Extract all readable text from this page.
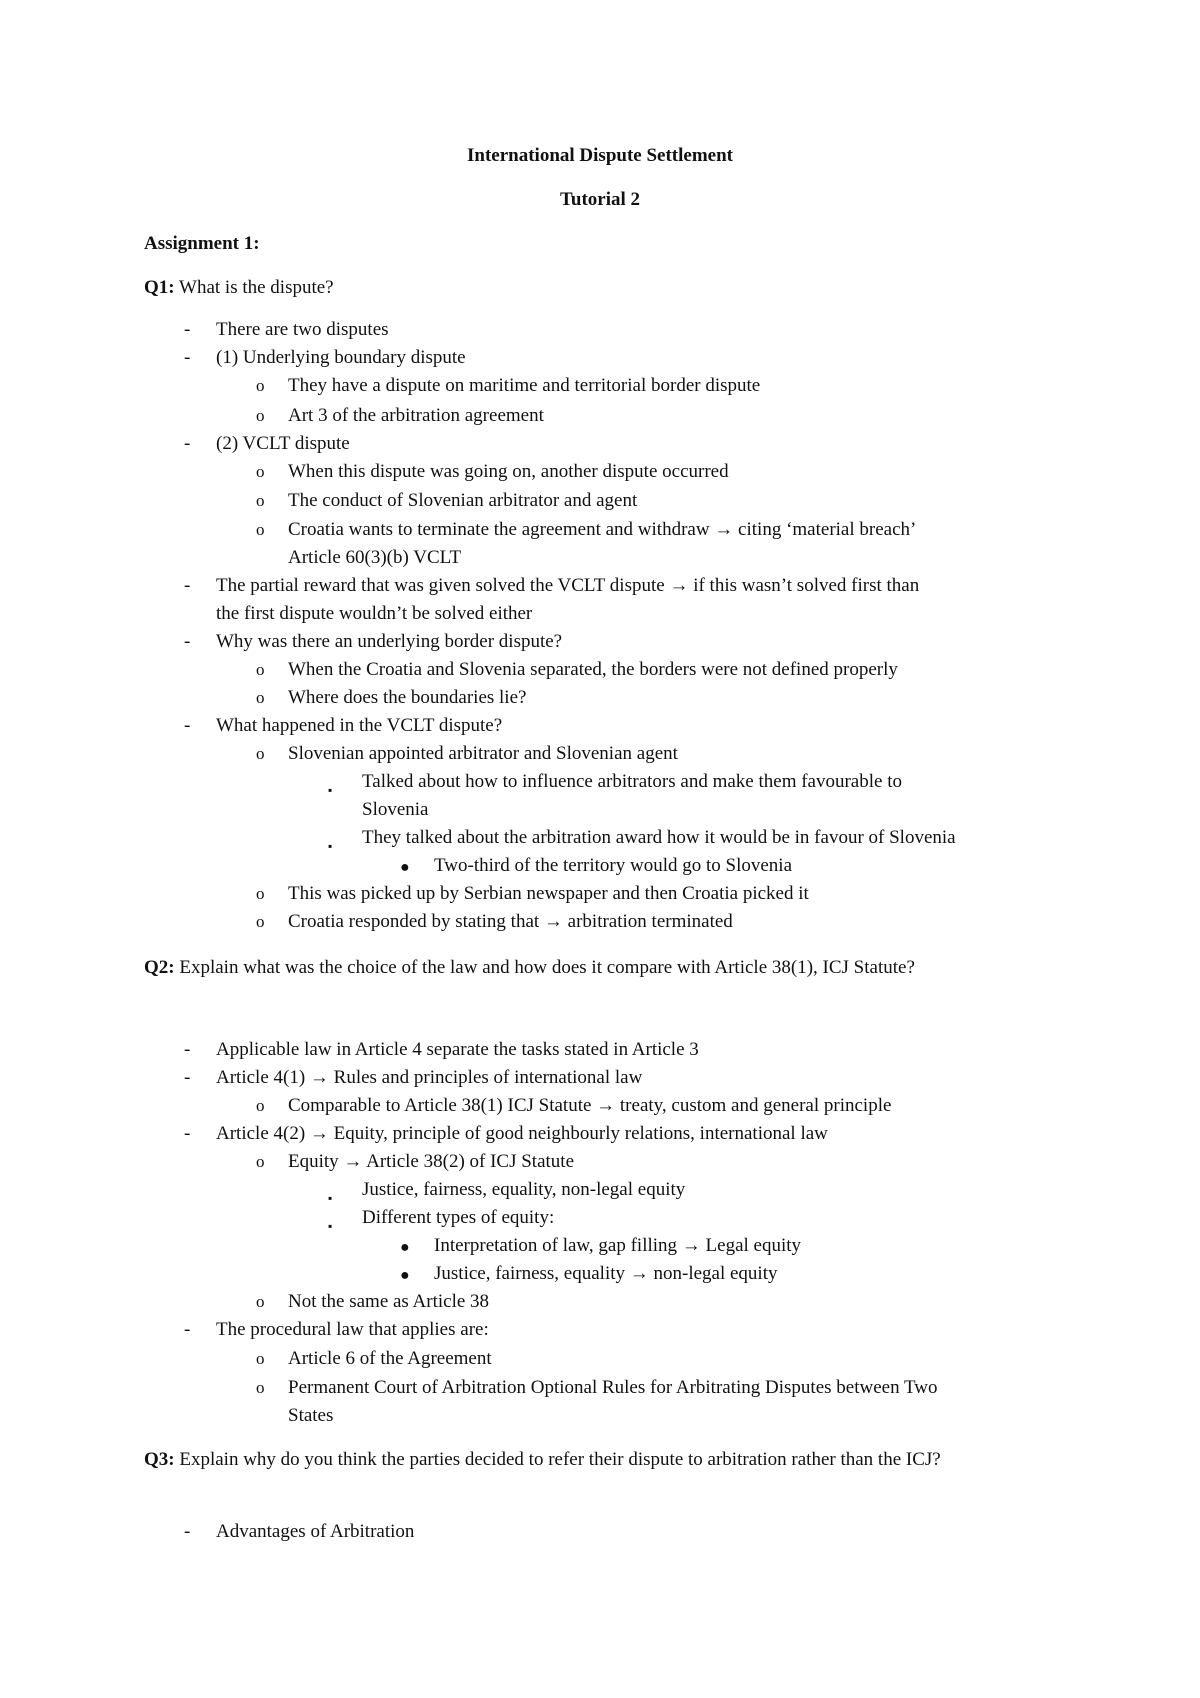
International Dispute Settlement
Tutorial 2
Assignment 1:
Q1: What is the dispute?
- There are two disputes
- (1) Underlying boundary dispute
o They have a dispute on maritime and territorial border dispute
o Art 3 of the arbitration agreement
- (2) VCLT dispute
o When this dispute was going on, another dispute occurred
o The conduct of Slovenian arbitrator and agent
o Croatia wants to terminate the agreement and withdraw → citing ‘material breach’
Article 60(3)(b) VCLT
- The partial reward that was given solved the VCLT dispute → if this wasn’t solved first than
the first dispute wouldn’t be solved either
- Why was there an underlying border dispute?
o When the Croatia and Slovenia separated, the borders were not defined properly
o Where does the boundaries lie?
- What happened in the VCLT dispute?
o Slovenian appointed arbitrator and Slovenian agent
▪ Talked about how to influence arbitrators and make them favourable to
Slovenia
▪ They talked about the arbitration award how it would be in favour of Slovenia
● Two-third of the territory would go to Slovenia
o This was picked up by Serbian newspaper and then Croatia picked it
o Croatia responded by stating that → arbitration terminated
Q2: Explain what was the choice of the law and how does it compare with Article 38(1), ICJ Statute?
- Applicable law in Article 4 separate the tasks stated in Article 3
- Article 4(1) → Rules and principles of international law
o Comparable to Article 38(1) ICJ Statute → treaty, custom and general principle
- Article 4(2) → Equity, principle of good neighbourly relations, international law
o Equity → Article 38(2) of ICJ Statute
▪ Justice, fairness, equality, non-legal equity
▪ Different types of equity:
● Interpretation of law, gap filling → Legal equity
● Justice, fairness, equality → non-legal equity
o Not the same as Article 38
- The procedural law that applies are:
o Article 6 of the Agreement
o Permanent Court of Arbitration Optional Rules for Arbitrating Disputes between Two
States
Q3: Explain why do you think the parties decided to refer their dispute to arbitration rather than the ICJ?
- Advantages of Arbitration
